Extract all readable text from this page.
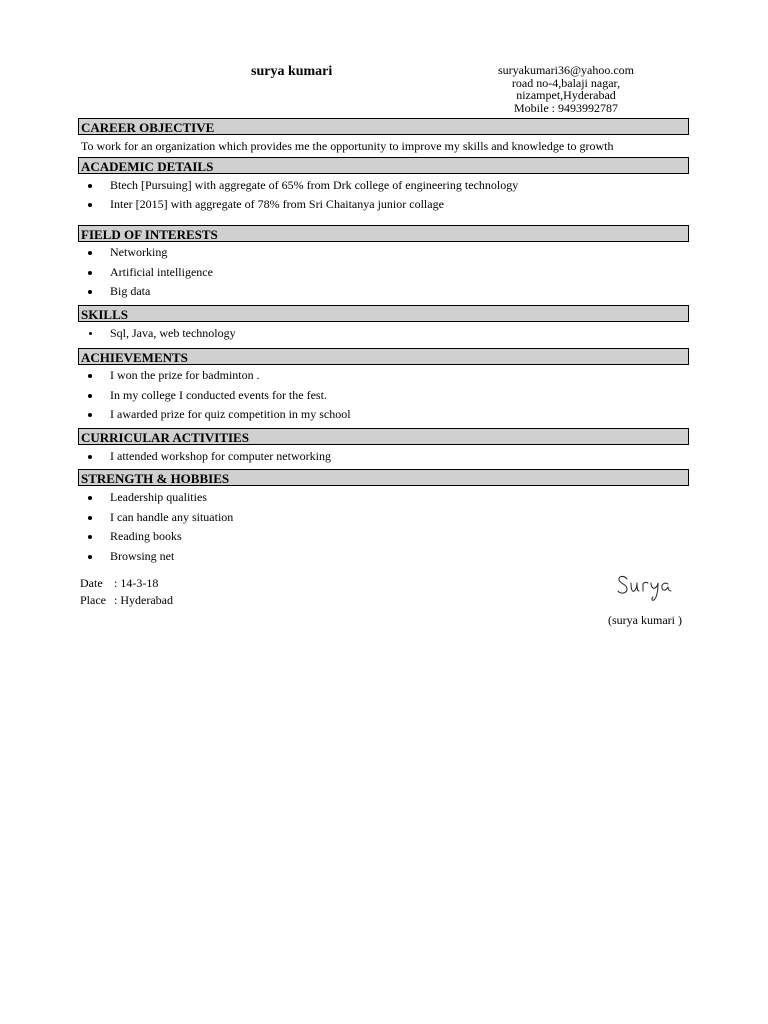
surya kumari	suryakumari36@yahoo.com
road no-4,balaji nagar,
nizampet,Hyderabad
Mobile : 9493992787
CAREER OBJECTIVE
To work for an organization which provides me the opportunity to improve my skills and knowledge to growth
ACADEMIC DETAILS
Btech [Pursuing] with aggregate of 65% from Drk college of engineering technology
Inter [2015] with aggregate of 78% from Sri Chaitanya junior collage
FIELD OF INTERESTS
Networking
Artificial intelligence
Big data
SKILLS
Sql, Java, web technology
ACHIEVEMENTS
I won the prize for badminton .
In my college I conducted events for the fest.
I awarded prize for quiz competition in my school
CURRICULAR ACTIVITIES
I attended workshop for computer networking
STRENGTH & HOBBIES
Leadership qualities
I can handle any situation
Reading books
Browsing net
Date : 14-3-18
Place : Hyderabad
(surya kumari )
